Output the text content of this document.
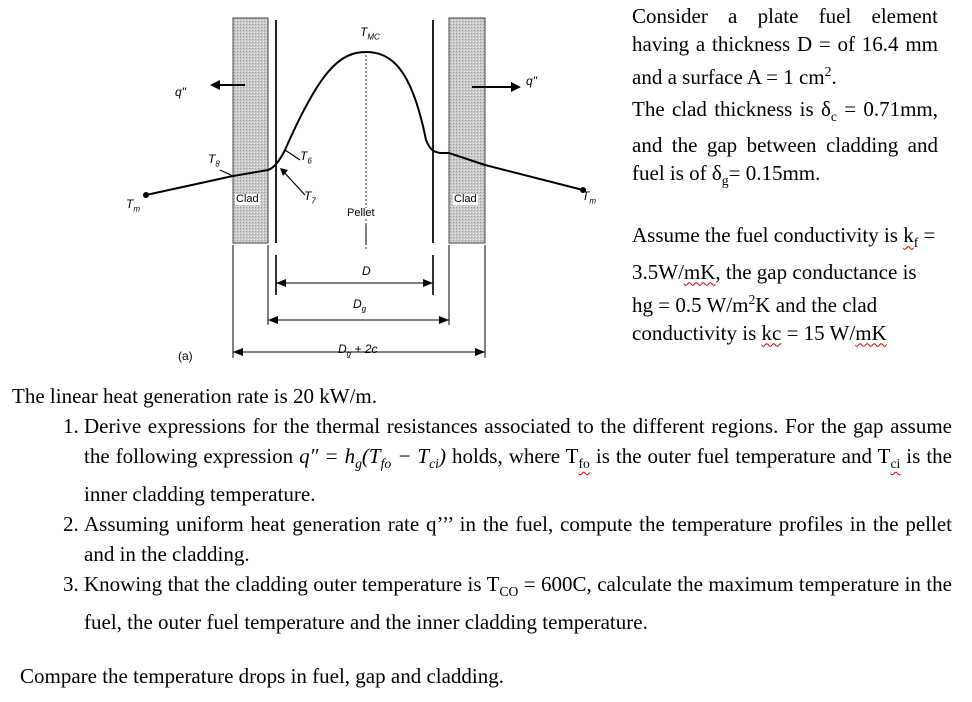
$T_{MC}$
q"
q"
$T_8$
$T_6$
$T_7$
$T_m$
$T_m$
Clad	Clad
Pellet
D
$D_g$
$D_g + 2c$
(a)

Consider a plate fuel element having a thickness D = of 16.4 mm and a surface A = 1 $cm^2$.

The clad thickness is $\delta_c = 0.71mm$, and the gap between cladding and fuel is of $\delta_g= 0.15mm$.

Assume the fuel conductivity is $k_f = 3.5W/mK$, the gap conductance is hg = 0.5 $W/m^2K$ and the clad conductivity is kc = 15 W/mK

The linear heat generation rate is 20 kW/m.

1. Derive expressions for the thermal resistances associated to the different regions. For the gap assume the following expression $q'' = h_g(T_{fo} - T_{ci})$ holds, where $T_{fo}$ is the outer fuel temperature and $T_{ci}$ is the inner cladding temperature.
2. Assuming uniform heat generation rate q’’’ in the fuel, compute the temperature profiles in the pellet and in the cladding.
3. Knowing that the cladding outer temperature is $T_{CO} = 600C$, calculate the maximum temperature in the fuel, the outer fuel temperature and the inner cladding temperature.
Compare the temperature drops in fuel, gap and cladding.
